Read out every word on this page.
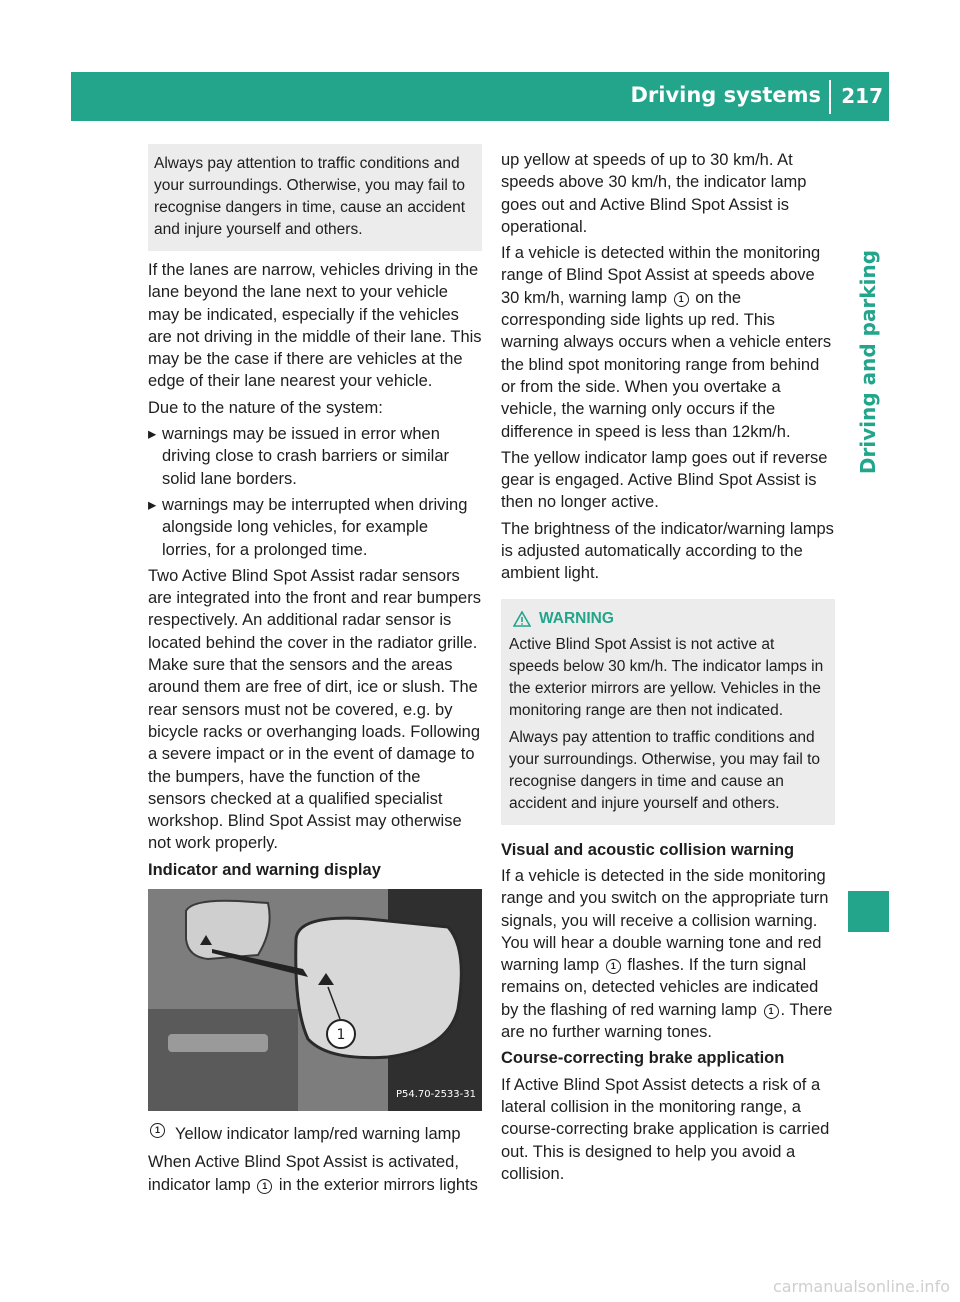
Driving systems 217
Driving and parking

Always pay attention to traffic conditions and your surroundings. Otherwise, you may fail to recognise dangers in time, cause an accident and injure yourself and others.

If the lanes are narrow, vehicles driving in the lane beyond the lane next to your vehicle may be indicated, especially if the vehicles are not driving in the middle of their lane. This may be the case if there are vehicles at the edge of their lane nearest your vehicle.

Due to the nature of the system:

▸ warnings may be issued in error when driving close to crash barriers or similar solid lane borders.
▸ warnings may be interrupted when driving alongside long vehicles, for example lorries, for a prolonged time.

Two Active Blind Spot Assist radar sensors are integrated into the front and rear bumpers respectively. An additional radar sensor is located behind the cover in the radiator grille. Make sure that the sensors and the areas around them are free of dirt, ice or slush. The rear sensors must not be covered, e.g. by bicycle racks or overhanging loads. Following a severe impact or in the event of damage to the bumpers, have the function of the sensors checked at a qualified specialist workshop. Blind Spot Assist may otherwise not work properly.

Indicator and warning display

1
P54.70-2533-31
1 Yellow indicator lamp/red warning lamp

When Active Blind Spot Assist is activated, indicator lamp 1 in the exterior mirrors lights

up yellow at speeds of up to 30 km/h. At speeds above 30 km/h, the indicator lamp goes out and Active Blind Spot Assist is operational.

If a vehicle is detected within the monitoring range of Blind Spot Assist at speeds above 30 km/h, warning lamp 1 on the corresponding side lights up red. This warning always occurs when a vehicle enters the blind spot monitoring range from behind or from the side. When you overtake a vehicle, the warning only occurs if the difference in speed is less than 12km/h.

The yellow indicator lamp goes out if reverse gear is engaged. Active Blind Spot Assist is then no longer active.

The brightness of the indicator/warning lamps is adjusted automatically according to the ambient light.

WARNING

Active Blind Spot Assist is not active at speeds below 30 km/h. The indicator lamps in the exterior mirrors are yellow. Vehicles in the monitoring range are then not indicated.

Always pay attention to traffic conditions and your surroundings. Otherwise, you may fail to recognise dangers in time and cause an accident and injure yourself and others.

Visual and acoustic collision warning

If a vehicle is detected in the side monitoring range and you switch on the appropriate turn signals, you will receive a collision warning. You will hear a double warning tone and red warning lamp 1 flashes. If the turn signal remains on, detected vehicles are indicated by the flashing of red warning lamp 1 . There are no further warning tones.

Course-correcting brake application

If Active Blind Spot Assist detects a risk of a lateral collision in the monitoring range, a course-correcting brake application is carried out. This is designed to help you avoid a collision.

carmanualsonline.info
